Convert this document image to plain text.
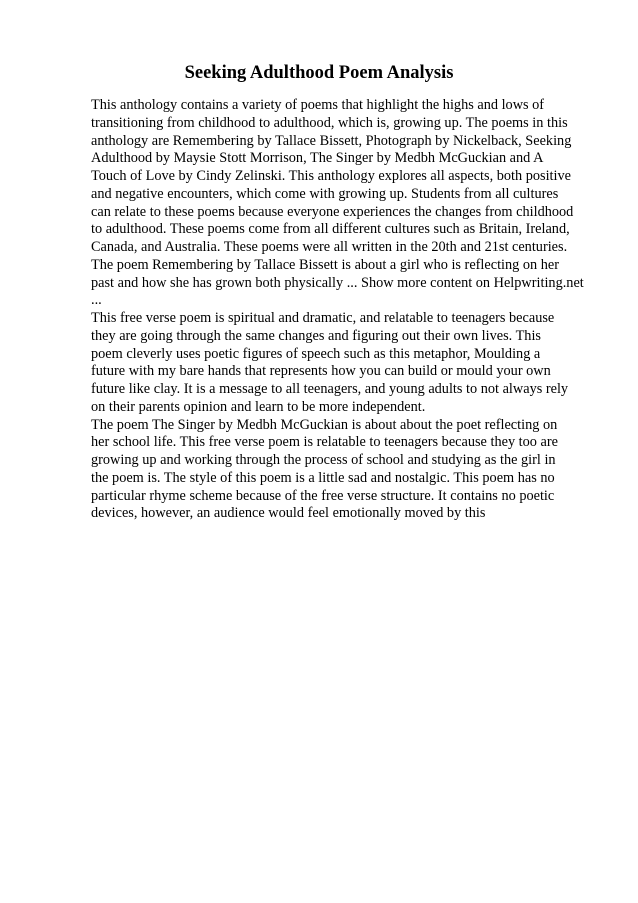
Seeking Adulthood Poem Analysis
This anthology contains a variety of poems that highlight the highs and lows of
transitioning from childhood to adulthood, which is, growing up. The poems in this
anthology are Remembering by Tallace Bissett, Photograph by Nickelback, Seeking
Adulthood by Maysie Stott Morrison, The Singer by Medbh McGuckian and A
Touch of Love by Cindy Zelinski. This anthology explores all aspects, both positive
and negative encounters, which come with growing up. Students from all cultures
can relate to these poems because everyone experiences the changes from childhood
to adulthood. These poems come from all different cultures such as Britain, Ireland,
Canada, and Australia. These poems were all written in the 20th and 21st centuries.
The poem Remembering by Tallace Bissett is about a girl who is reflecting on her
past and how she has grown both physically ... Show more content on Helpwriting.net
...
This free verse poem is spiritual and dramatic, and relatable to teenagers because
they are going through the same changes and figuring out their own lives. This
poem cleverly uses poetic figures of speech such as this metaphor, Moulding a
future with my bare hands that represents how you can build or mould your own
future like clay. It is a message to all teenagers, and young adults to not always rely
on their parents opinion and learn to be more independent.
The poem The Singer by Medbh McGuckian is about about the poet reflecting on
her school life. This free verse poem is relatable to teenagers because they too are
growing up and working through the process of school and studying as the girl in
the poem is. The style of this poem is a little sad and nostalgic. This poem has no
particular rhyme scheme because of the free verse structure. It contains no poetic
devices, however, an audience would feel emotionally moved by this
